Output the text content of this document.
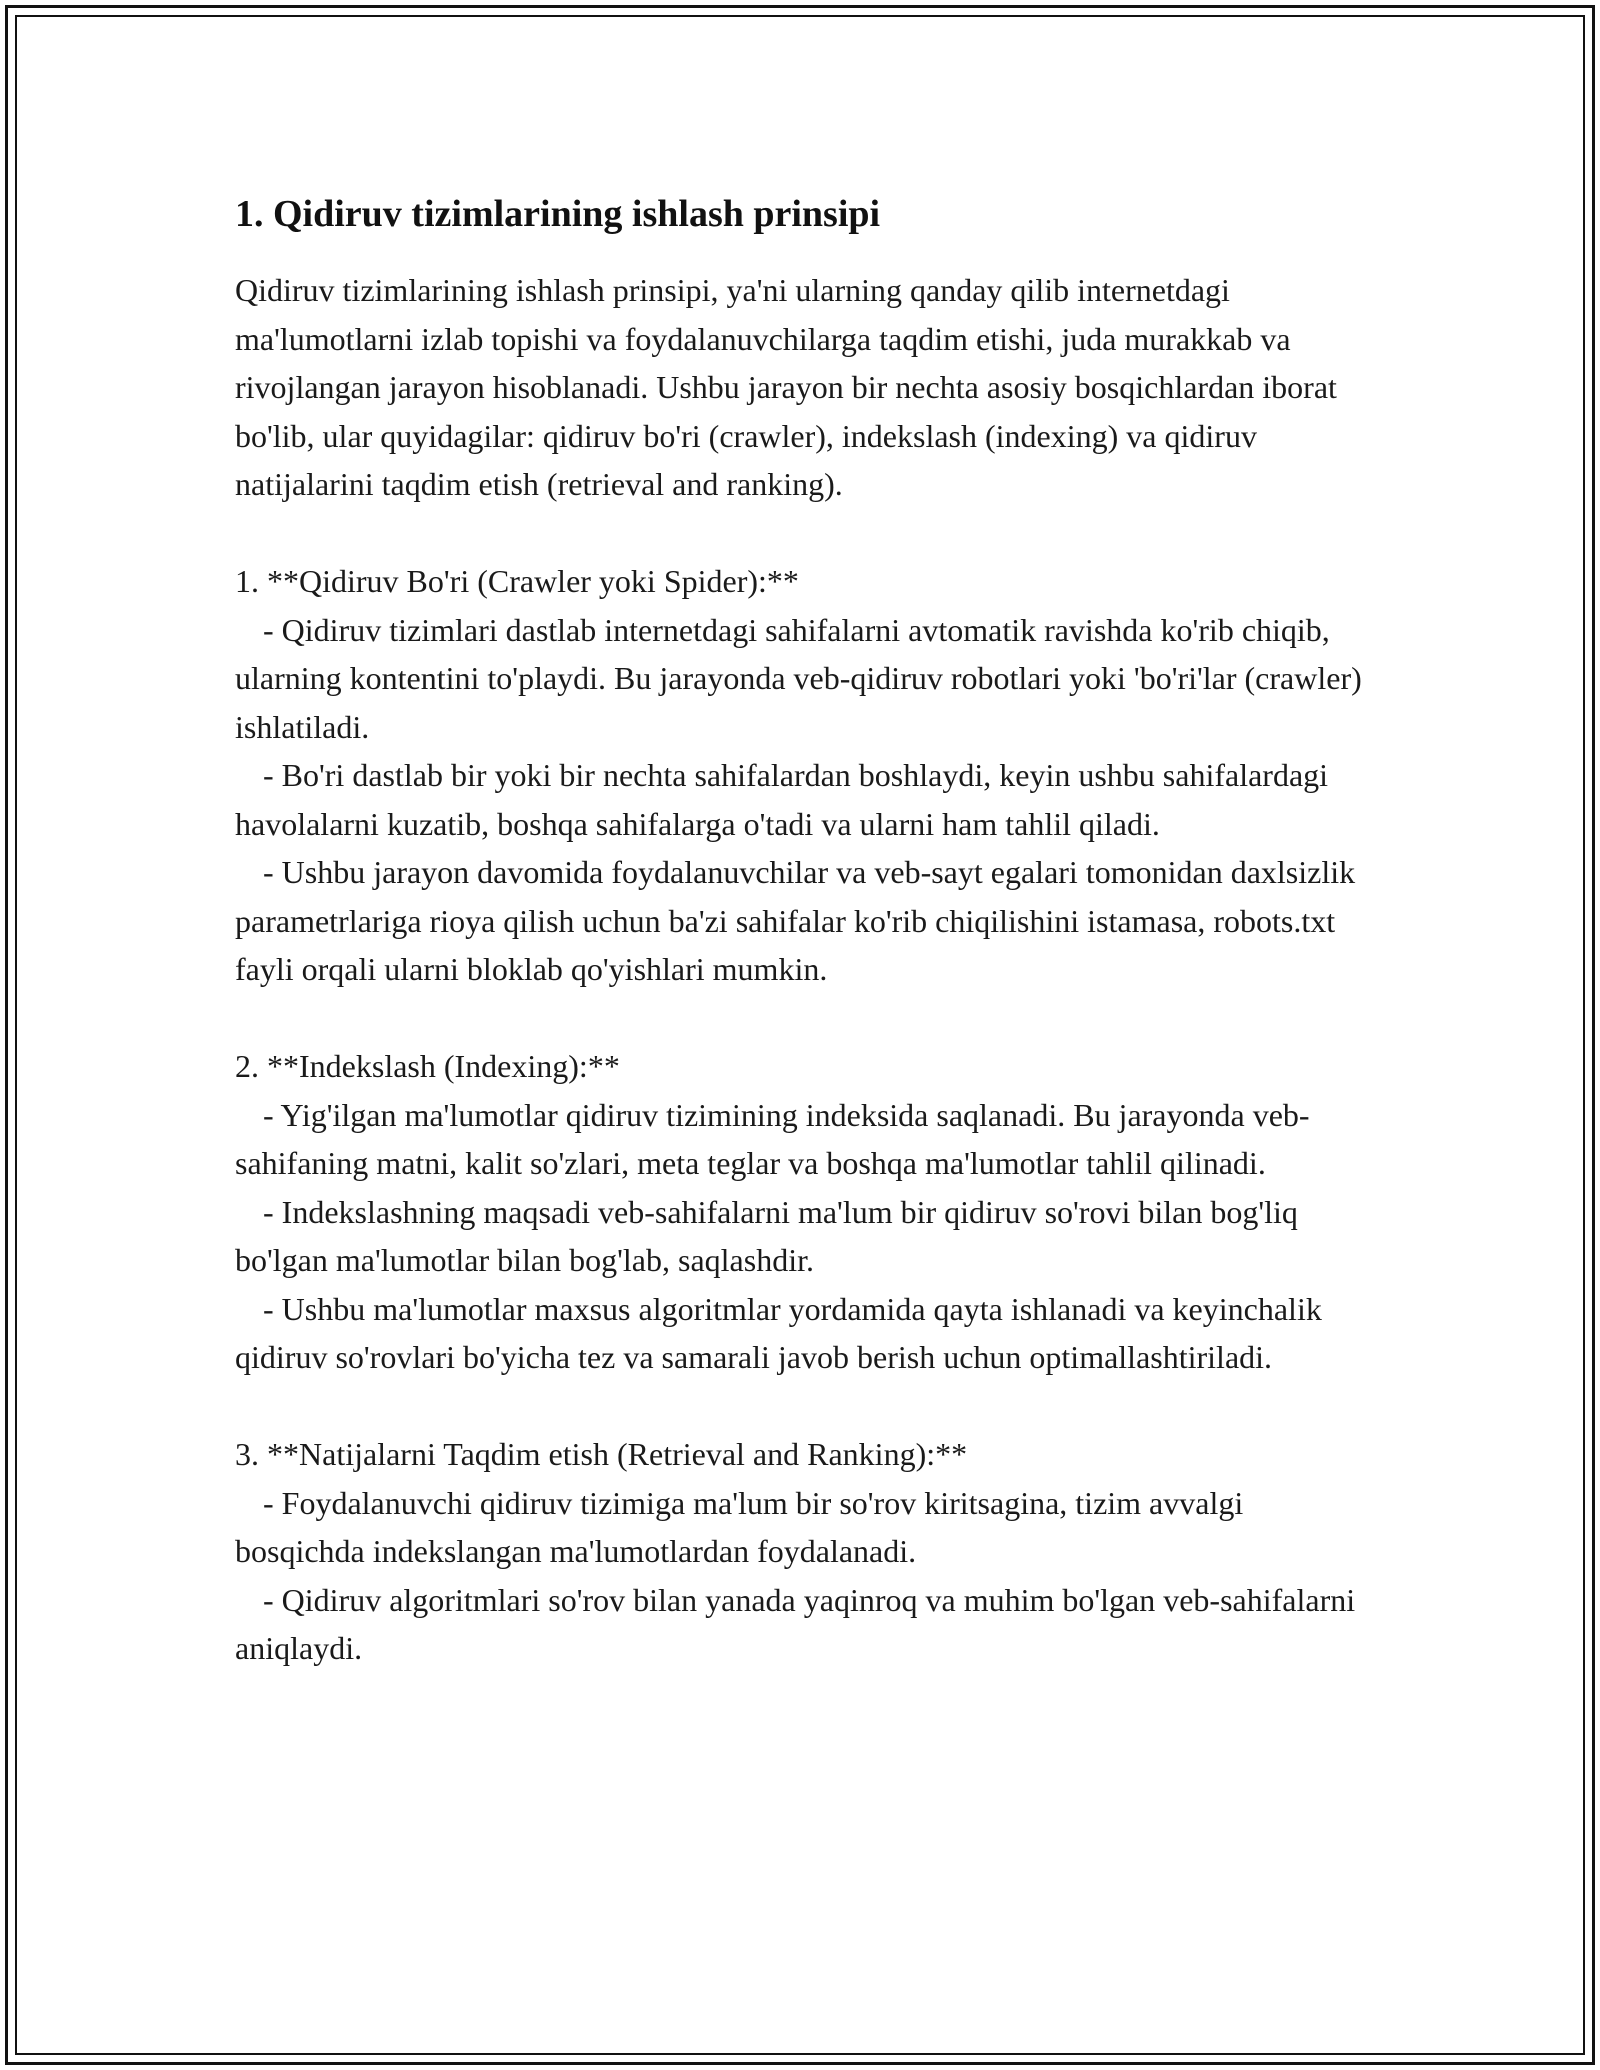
1. Qidiruv tizimlarining ishlash prinsipi

Qidiruv tizimlarining ishlash prinsipi, ya'ni ularning qanday qilib internetdagi ma'lumotlarni izlab topishi va foydalanuvchilarga taqdim etishi, juda murakkab va rivojlangan jarayon hisoblanadi. Ushbu jarayon bir nechta asosiy bosqichlardan iborat bo'lib, ular quyidagilar: qidiruv bo'ri (crawler), indekslash (indexing) va qidiruv natijalarini taqdim etish (retrieval and ranking).

1. **Qidiruv Bo'ri (Crawler yoki Spider):**

- Qidiruv tizimlari dastlab internetdagi sahifalarni avtomatik ravishda ko'rib chiqib, ularning kontentini to'playdi. Bu jarayonda veb-qidiruv robotlari yoki 'bo'ri'lar (crawler) ishlatiladi.

- Bo'ri dastlab bir yoki bir nechta sahifalardan boshlaydi, keyin ushbu sahifalardagi havolalarni kuzatib, boshqa sahifalarga o'tadi va ularni ham tahlil qiladi.

- Ushbu jarayon davomida foydalanuvchilar va veb-sayt egalari tomonidan daxlsizlik parametrlariga rioya qilish uchun ba'zi sahifalar ko'rib chiqilishini istamasa, robots.txt fayli orqali ularni bloklab qo'yishlari mumkin.

2. **Indekslash (Indexing):**

- Yig'ilgan ma'lumotlar qidiruv tizimining indeksida saqlanadi. Bu jarayonda veb-sahifaning matni, kalit so'zlari, meta teglar va boshqa ma'lumotlar tahlil qilinadi.

- Indekslashning maqsadi veb-sahifalarni ma'lum bir qidiruv so'rovi bilan bog'liq bo'lgan ma'lumotlar bilan bog'lab, saqlashdir.

- Ushbu ma'lumotlar maxsus algoritmlar yordamida qayta ishlanadi va keyinchalik qidiruv so'rovlari bo'yicha tez va samarali javob berish uchun optimallashtiriladi.

3. **Natijalarni Taqdim etish (Retrieval and Ranking):**

- Foydalanuvchi qidiruv tizimiga ma'lum bir so'rov kiritsagina, tizim avvalgi bosqichda indekslangan ma'lumotlardan foydalanadi.

- Qidiruv algoritmlari so'rov bilan yanada yaqinroq va muhim bo'lgan veb-sahifalarni aniqlaydi.
